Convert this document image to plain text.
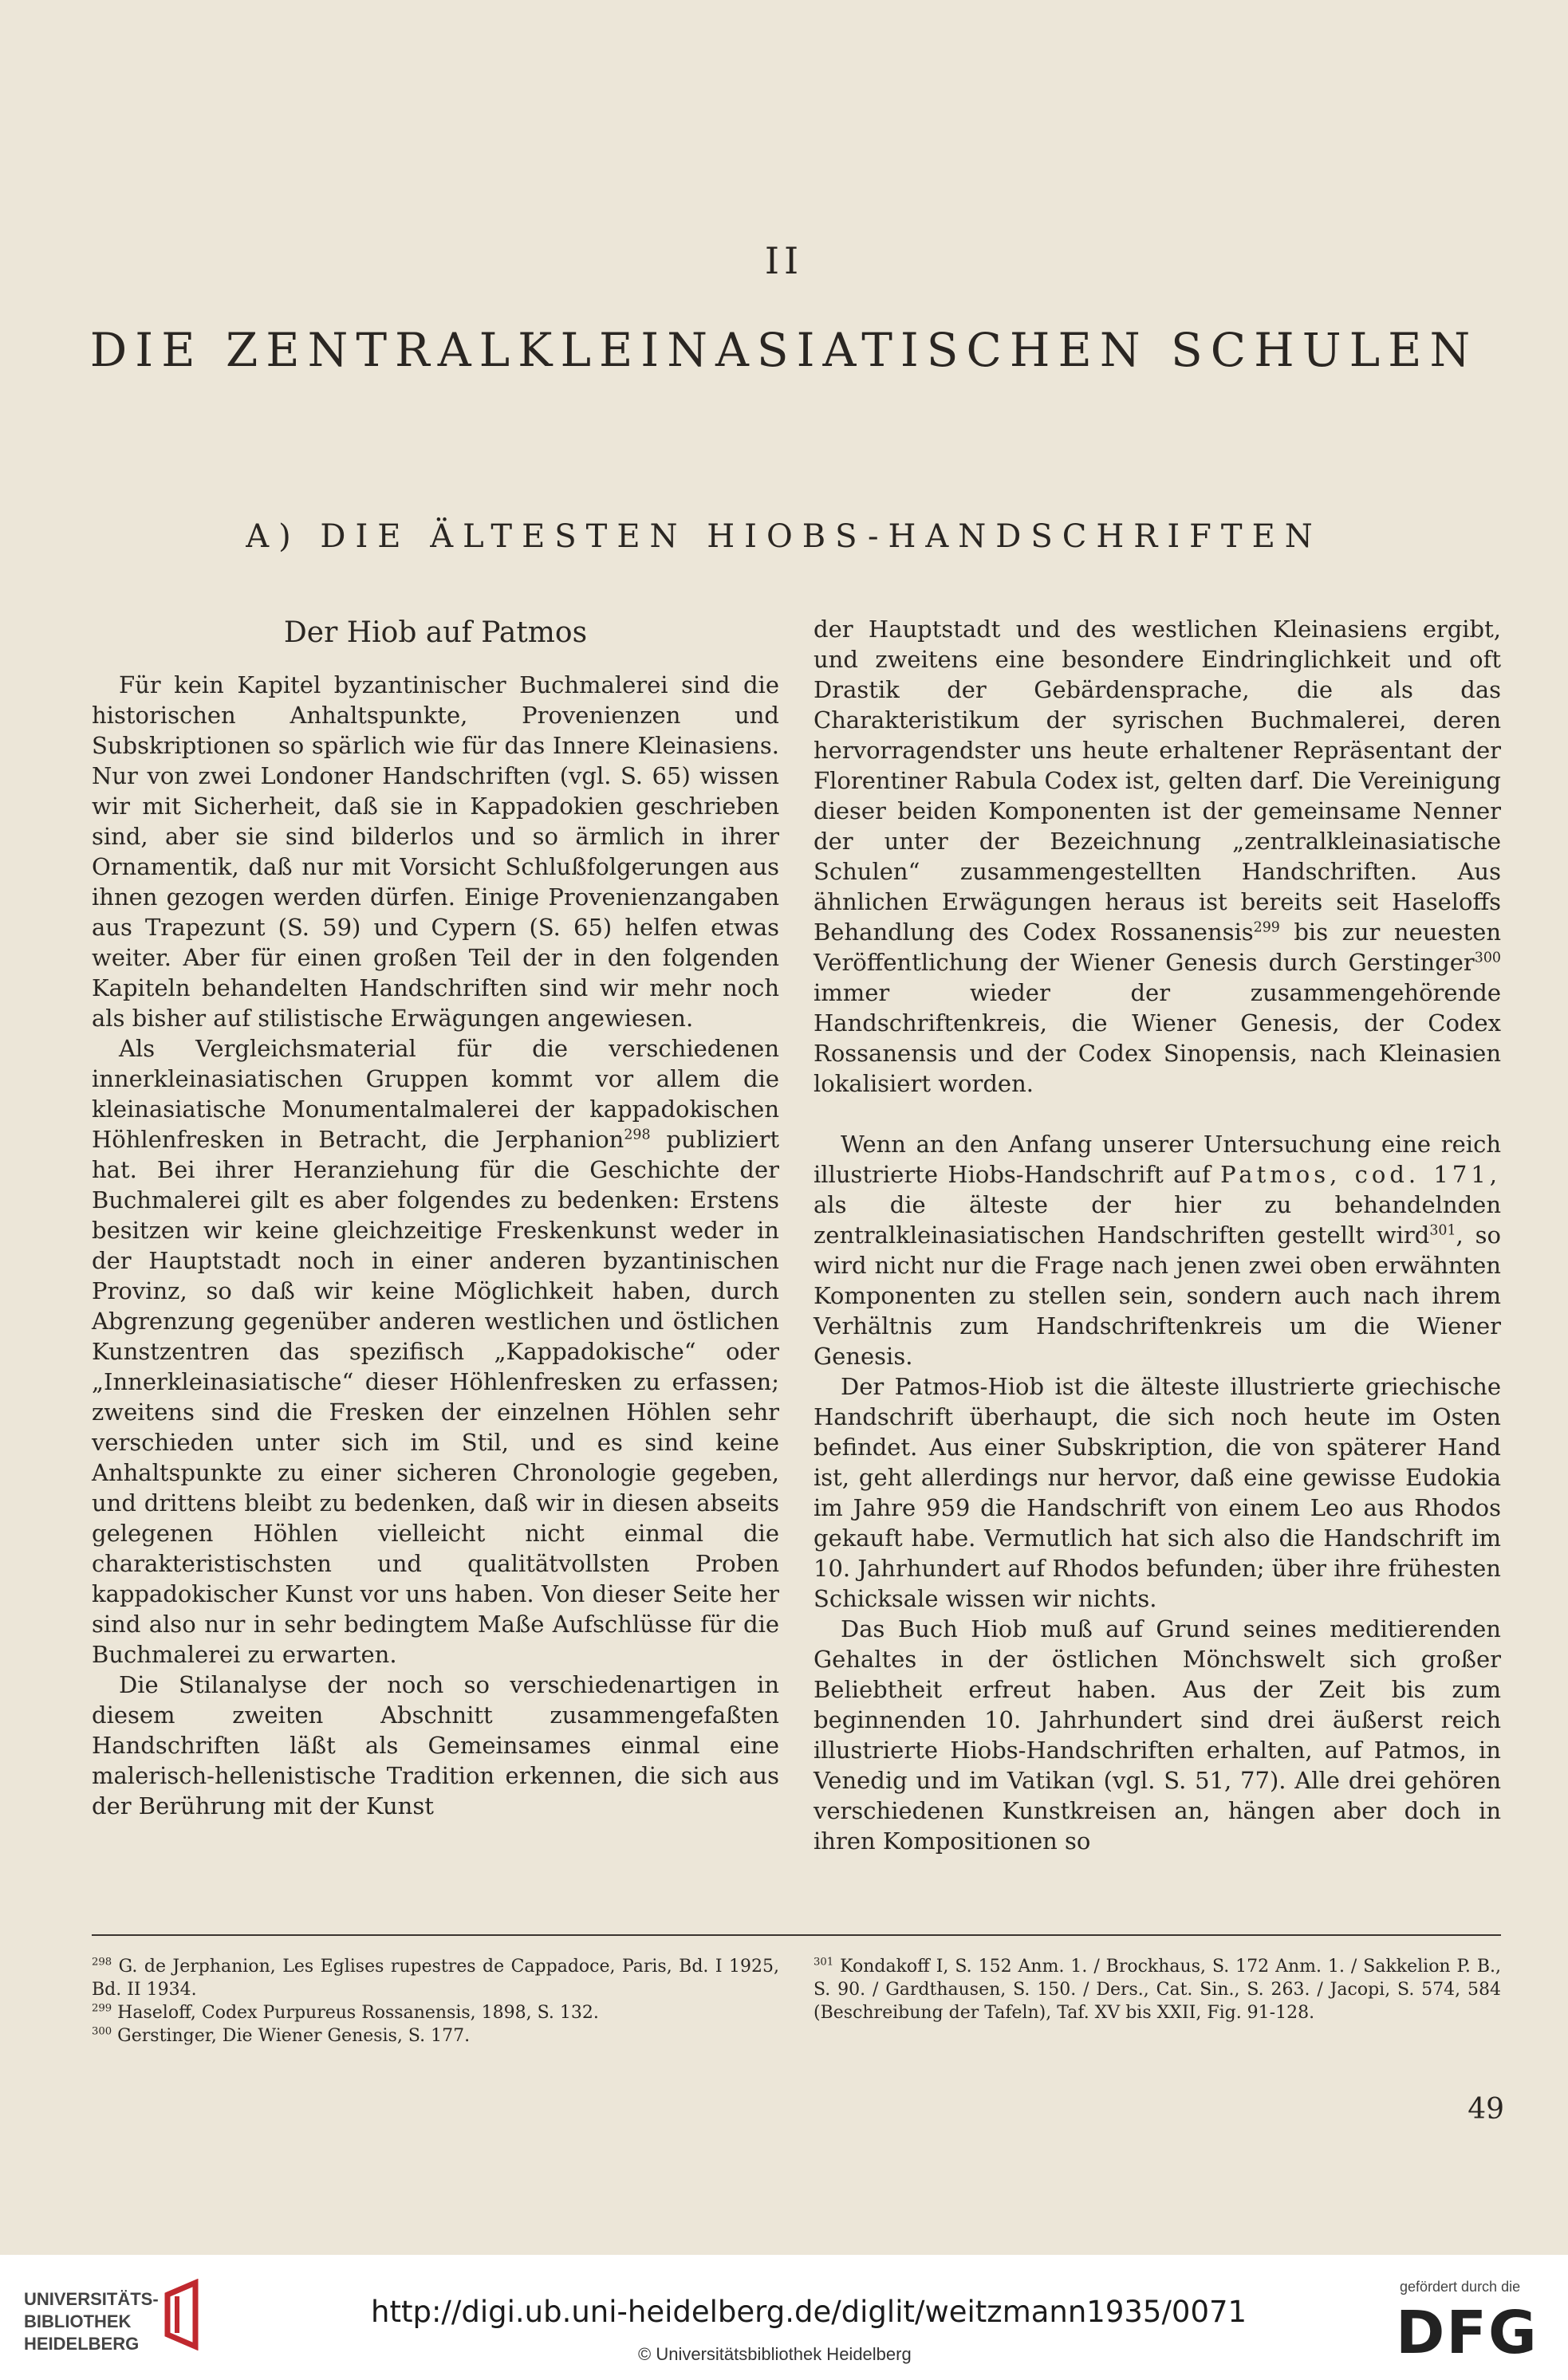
II
DIE ZENTRALKLEINASIATISCHEN SCHULEN
A) DIE ÄLTESTEN HIOBS-HANDSCHRIFTEN
Der Hiob auf Patmos

Für kein Kapitel byzantinischer Buchmalerei sind die historischen Anhaltspunkte, Provenienzen und Subskriptionen so spärlich wie für das Innere Kleinasiens. Nur von zwei Londoner Handschriften (vgl. S. 65) wissen wir mit Sicherheit, daß sie in Kappadokien geschrieben sind, aber sie sind bilderlos und so ärmlich in ihrer Ornamentik, daß nur mit Vorsicht Schlußfolgerungen aus ihnen gezogen werden dürfen. Einige Provenienzangaben aus Trapezunt (S. 59) und Cypern (S. 65) helfen etwas weiter. Aber für einen großen Teil der in den folgenden Kapiteln behandelten Handschriften sind wir mehr noch als bisher auf stilistische Erwägungen angewiesen.

Als Vergleichsmaterial für die verschiedenen innerkleinasiatischen Gruppen kommt vor allem die kleinasiatische Monumentalmalerei der kappadokischen Höhlenfresken in Betracht, die Jerphanion$^{298}$ publiziert hat. Bei ihrer Heranziehung für die Geschichte der Buchmalerei gilt es aber folgendes zu bedenken: Erstens besitzen wir keine gleichzeitige Freskenkunst weder in der Hauptstadt noch in einer anderen byzantinischen Provinz, so daß wir keine Möglichkeit haben, durch Abgrenzung gegenüber anderen westlichen und östlichen Kunstzentren das spezifisch „Kappadokische“ oder „Innerkleinasiatische“ dieser Höhlenfresken zu erfassen; zweitens sind die Fresken der einzelnen Höhlen sehr verschieden unter sich im Stil, und es sind keine Anhaltspunkte zu einer sicheren Chronologie gegeben, und drittens bleibt zu bedenken, daß wir in diesen abseits gelegenen Höhlen vielleicht nicht einmal die charakteristischsten und qualitätvollsten Proben kappadokischer Kunst vor uns haben. Von dieser Seite her sind also nur in sehr bedingtem Maße Aufschlüsse für die Buchmalerei zu erwarten.

Die Stilanalyse der noch so verschiedenartigen in diesem zweiten Abschnitt zusammengefaßten Handschriften läßt als Gemeinsames einmal eine malerisch-hellenistische Tradition erkennen, die sich aus der Berührung mit der Kunst

der Hauptstadt und des westlichen Kleinasiens ergibt, und zweitens eine besondere Eindringlichkeit und oft Drastik der Gebärdensprache, die als das Charakteristikum der syrischen Buchmalerei, deren hervorragendster uns heute erhaltener Repräsentant der Florentiner Rabula Codex ist, gelten darf. Die Vereinigung dieser beiden Komponenten ist der gemeinsame Nenner der unter der Bezeichnung „zentralkleinasiatische Schulen“ zusammengestellten Handschriften. Aus ähnlichen Erwägungen heraus ist bereits seit Haseloffs Behandlung des Codex Rossanensis$^{299}$ bis zur neuesten Veröffentlichung der Wiener Genesis durch Gerstinger$^{300}$ immer wieder der zusammengehörende Handschriftenkreis, die Wiener Genesis, der Codex Rossanensis und der Codex Sinopensis, nach Kleinasien lokalisiert worden.

Wenn an den Anfang unserer Untersuchung eine reich illustrierte Hiobs-Handschrift auf Patmos, cod. 171, als die älteste der hier zu behandelnden zentralkleinasiatischen Handschriften gestellt wird$^{301}$, so wird nicht nur die Frage nach jenen zwei oben erwähnten Komponenten zu stellen sein, sondern auch nach ihrem Verhältnis zum Handschriftenkreis um die Wiener Genesis.

Der Patmos-Hiob ist die älteste illustrierte griechische Handschrift überhaupt, die sich noch heute im Osten befindet. Aus einer Subskription, die von späterer Hand ist, geht allerdings nur hervor, daß eine gewisse Eudokia im Jahre 959 die Handschrift von einem Leo aus Rhodos gekauft habe. Vermutlich hat sich also die Handschrift im 10. Jahrhundert auf Rhodos befunden; über ihre frühesten Schicksale wissen wir nichts.

Das Buch Hiob muß auf Grund seines meditierenden Gehaltes in der östlichen Mönchswelt sich großer Beliebtheit erfreut haben. Aus der Zeit bis zum beginnenden 10. Jahrhundert sind drei äußerst reich illustrierte Hiobs-Handschriften erhalten, auf Patmos, in Venedig und im Vatikan (vgl. S. 51, 77). Alle drei gehören verschiedenen Kunstkreisen an, hängen aber doch in ihren Kompositionen so

$^{298}$ G. de Jerphanion, Les Eglises rupestres de Cappadoce, Paris, Bd. I 1925, Bd. II 1934.
$^{299}$ Haseloff, Codex Purpureus Rossanensis, 1898, S. 132.
$^{300}$ Gerstinger, Die Wiener Genesis, S. 177.
$^{301}$ Kondakoff I, S. 152 Anm. 1. / Brockhaus, S. 172 Anm. 1. / Sakkelion P. B., S. 90. / Gardthausen, S. 150. / Ders., Cat. Sin., S. 263. / Jacopi, S. 574, 584 (Beschreibung der Tafeln), Taf. XV bis XXII, Fig. 91-128.
49
UNIVERSITÄTS-
BIBLIOTHEK
HEIDELBERG
http://digi.ub.uni-heidelberg.de/diglit/weitzmann1935/0071
© Universitätsbibliothek Heidelberg
gefördert durch die
DFG
